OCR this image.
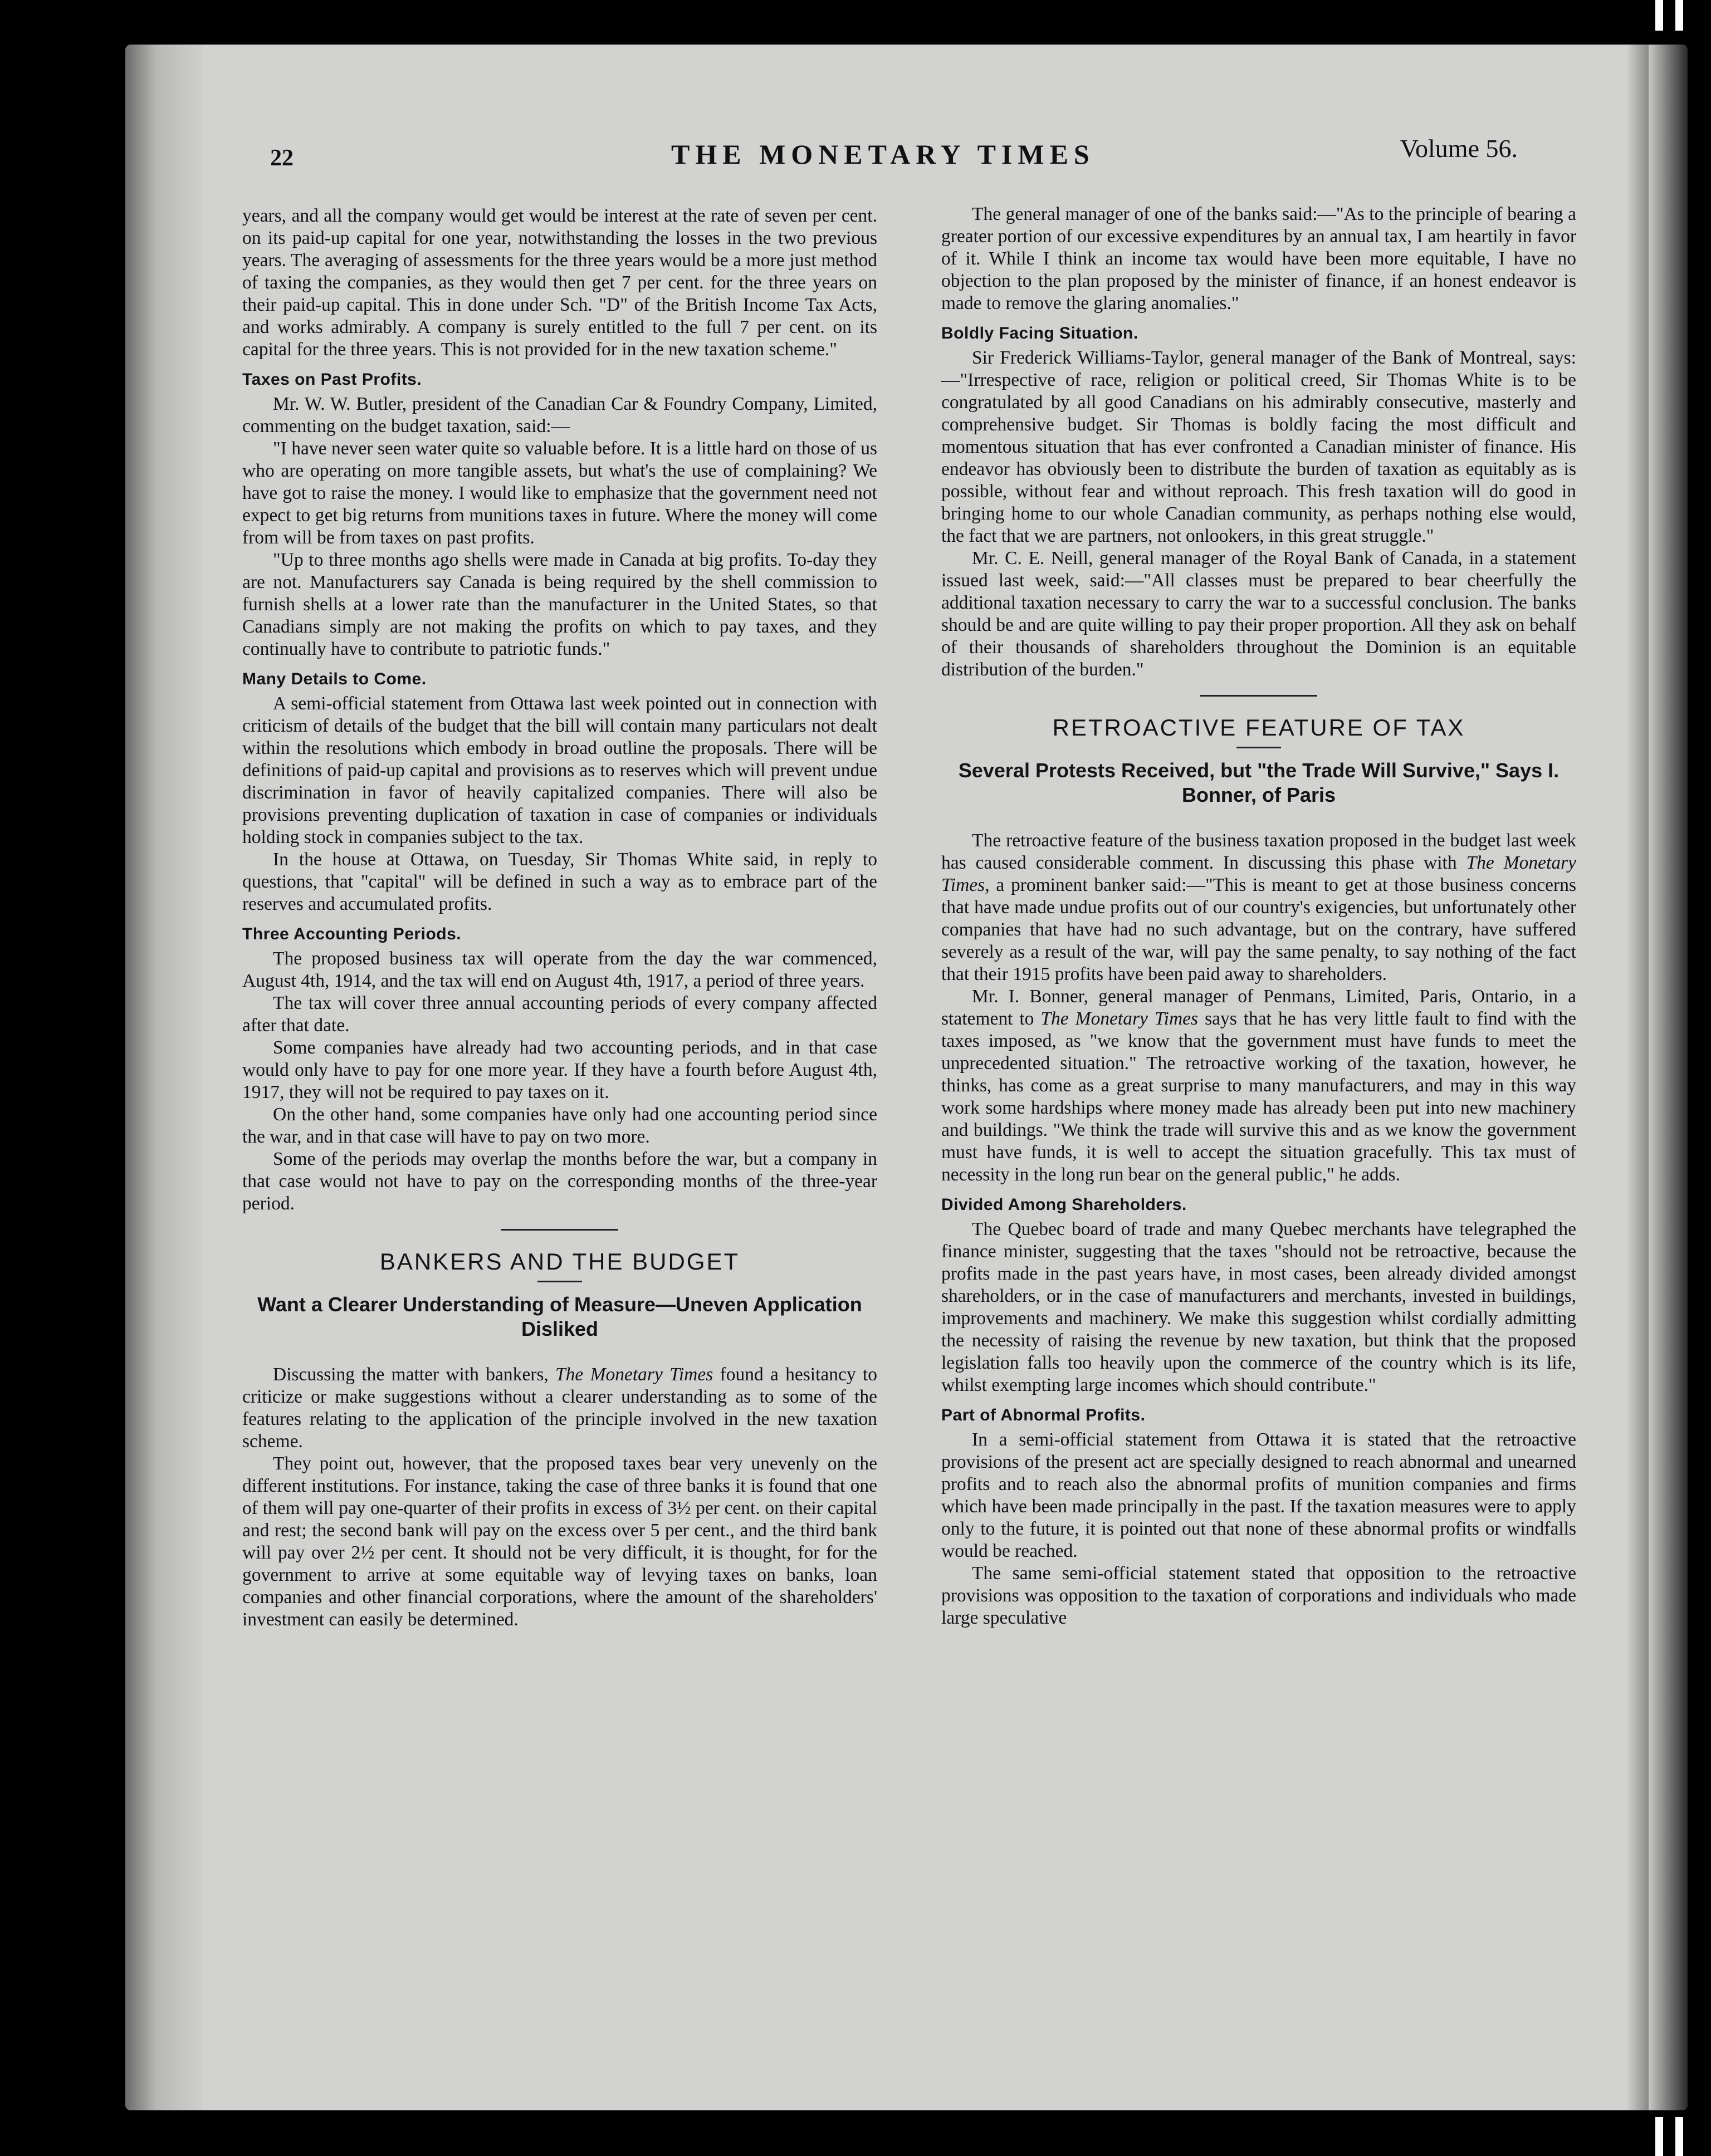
22	THE MONETARY TIMES	Volume 56.

years, and all the company would get would be interest at the rate of seven per cent. on its paid-up capital for one year, notwithstanding the losses in the two previous years. The averaging of assessments for the three years would be a more just method of taxing the companies, as they would then get 7 per cent. for the three years on their paid-up capital. This in done under Sch. "D" of the British Income Tax Acts, and works admirably. A company is surely entitled to the full 7 per cent. on its capital for the three years. This is not provided for in the new taxation scheme."

Taxes on Past Profits.

Mr. W. W. Butler, president of the Canadian Car & Foundry Company, Limited, commenting on the budget taxation, said:—

"I have never seen water quite so valuable before. It is a little hard on those of us who are operating on more tangible assets, but what's the use of complaining? We have got to raise the money. I would like to emphasize that the government need not expect to get big returns from munitions taxes in future. Where the money will come from will be from taxes on past profits.

"Up to three months ago shells were made in Canada at big profits. To-day they are not. Manufacturers say Canada is being required by the shell commission to furnish shells at a lower rate than the manufacturer in the United States, so that Canadians simply are not making the profits on which to pay taxes, and they continually have to contribute to patriotic funds."

Many Details to Come.

A semi-official statement from Ottawa last week pointed out in connection with criticism of details of the budget that the bill will contain many particulars not dealt within the resolutions which embody in broad outline the proposals. There will be definitions of paid-up capital and provisions as to reserves which will prevent undue discrimination in favor of heavily capitalized companies. There will also be provisions preventing duplication of taxation in case of companies or individuals holding stock in companies subject to the tax.

In the house at Ottawa, on Tuesday, Sir Thomas White said, in reply to questions, that "capital" will be defined in such a way as to embrace part of the reserves and accumulated profits.

Three Accounting Periods.

The proposed business tax will operate from the day the war commenced, August 4th, 1914, and the tax will end on August 4th, 1917, a period of three years.

The tax will cover three annual accounting periods of every company affected after that date.

Some companies have already had two accounting periods, and in that case would only have to pay for one more year. If they have a fourth before August 4th, 1917, they will not be required to pay taxes on it.

On the other hand, some companies have only had one accounting period since the war, and in that case will have to pay on two more.

Some of the periods may overlap the months before the war, but a company in that case would not have to pay on the corresponding months of the three-year period.

BANKERS AND THE BUDGET
Want a Clearer Understanding of Measure—Uneven Application Disliked

Discussing the matter with bankers, The Monetary Times found a hesitancy to criticize or make suggestions without a clearer understanding as to some of the features relating to the application of the principle involved in the new taxation scheme.

They point out, however, that the proposed taxes bear very unevenly on the different institutions. For instance, taking the case of three banks it is found that one of them will pay one-quarter of their profits in excess of 3½ per cent. on their capital and rest; the second bank will pay on the excess over 5 per cent., and the third bank will pay over 2½ per cent. It should not be very difficult, it is thought, for for the government to arrive at some equitable way of levying taxes on banks, loan companies and other financial corporations, where the amount of the shareholders' investment can easily be determined.

The general manager of one of the banks said:—"As to the principle of bearing a greater portion of our excessive expenditures by an annual tax, I am heartily in favor of it. While I think an income tax would have been more equitable, I have no objection to the plan proposed by the minister of finance, if an honest endeavor is made to remove the glaring anomalies."

Boldly Facing Situation.

Sir Frederick Williams-Taylor, general manager of the Bank of Montreal, says:—"Irrespective of race, religion or political creed, Sir Thomas White is to be congratulated by all good Canadians on his admirably consecutive, masterly and comprehensive budget. Sir Thomas is boldly facing the most difficult and momentous situation that has ever confronted a Canadian minister of finance. His endeavor has obviously been to distribute the burden of taxation as equitably as is possible, without fear and without reproach. This fresh taxation will do good in bringing home to our whole Canadian community, as perhaps nothing else would, the fact that we are partners, not onlookers, in this great struggle."

Mr. C. E. Neill, general manager of the Royal Bank of Canada, in a statement issued last week, said:—"All classes must be prepared to bear cheerfully the additional taxation necessary to carry the war to a successful conclusion. The banks should be and are quite willing to pay their proper proportion. All they ask on behalf of their thousands of shareholders throughout the Dominion is an equitable distribution of the burden."

RETROACTIVE FEATURE OF TAX
Several Protests Received, but "the Trade Will Survive," Says I. Bonner, of Paris

The retroactive feature of the business taxation proposed in the budget last week has caused considerable comment. In discussing this phase with The Monetary Times, a prominent banker said:—"This is meant to get at those business concerns that have made undue profits out of our country's exigencies, but unfortunately other companies that have had no such advantage, but on the contrary, have suffered severely as a result of the war, will pay the same penalty, to say nothing of the fact that their 1915 profits have been paid away to shareholders.

Mr. I. Bonner, general manager of Penmans, Limited, Paris, Ontario, in a statement to The Monetary Times says that he has very little fault to find with the taxes imposed, as "we know that the government must have funds to meet the unprecedented situation." The retroactive working of the taxation, however, he thinks, has come as a great surprise to many manufacturers, and may in this way work some hardships where money made has already been put into new machinery and buildings. "We think the trade will survive this and as we know the government must have funds, it is well to accept the situation gracefully. This tax must of necessity in the long run bear on the general public," he adds.

Divided Among Shareholders.

The Quebec board of trade and many Quebec merchants have telegraphed the finance minister, suggesting that the taxes "should not be retroactive, because the profits made in the past years have, in most cases, been already divided amongst shareholders, or in the case of manufacturers and merchants, invested in buildings, improvements and machinery. We make this suggestion whilst cordially admitting the necessity of raising the revenue by new taxation, but think that the proposed legislation falls too heavily upon the commerce of the country which is its life, whilst exempting large incomes which should contribute."

Part of Abnormal Profits.

In a semi-official statement from Ottawa it is stated that the retroactive provisions of the present act are specially designed to reach abnormal and unearned profits and to reach also the abnormal profits of munition companies and firms which have been made principally in the past. If the taxation measures were to apply only to the future, it is pointed out that none of these abnormal profits or windfalls would be reached.

The same semi-official statement stated that opposition to the retroactive provisions was opposition to the taxation of corporations and individuals who made large speculative
